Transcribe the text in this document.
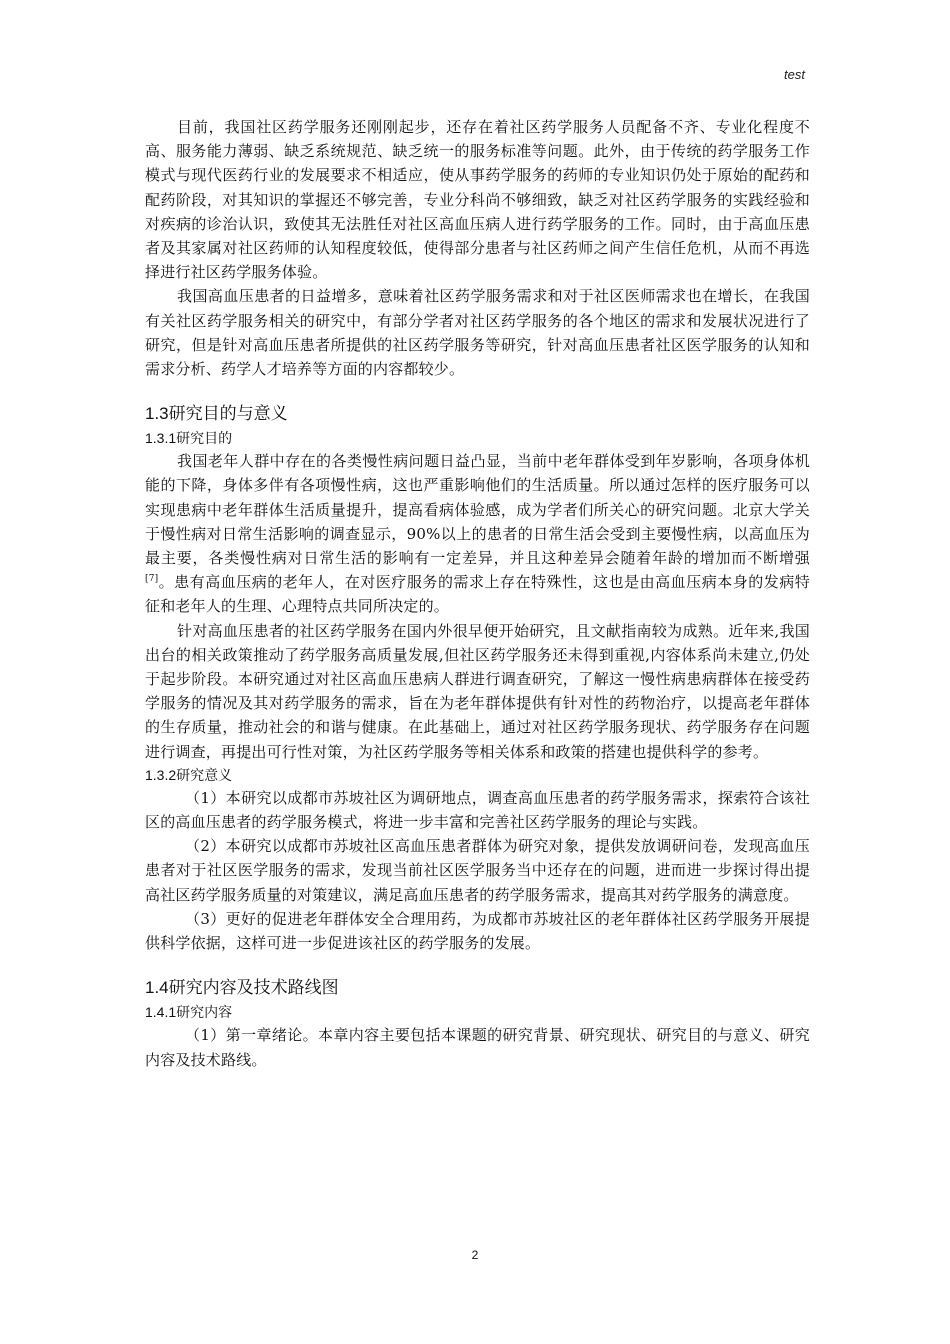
test

目前，我国社区药学服务还刚刚起步，还存在着社区药学服务人员配备不齐、专业化程度不高、服务能力薄弱、缺乏系统规范、缺乏统一的服务标准等问题。此外，由于传统的药学服务工作模式与现代医药行业的发展要求不相适应，使从事药学服务的药师的专业知识仍处于原始的配药和配药阶段，对其知识的掌握还不够完善，专业分科尚不够细致，缺乏对社区药学服务的实践经验和对疾病的诊治认识，致使其无法胜任对社区高血压病人进行药学服务的工作。同时，由于高血压患者及其家属对社区药师的认知程度较低，使得部分患者与社区药师之间产生信任危机，从而不再选择进行社区药学服务体验。

我国高血压患者的日益增多，意味着社区药学服务需求和对于社区医师需求也在增长，在我国有关社区药学服务相关的研究中，有部分学者对社区药学服务的各个地区的需求和发展状况进行了研究，但是针对高血压患者所提供的社区药学服务等研究，针对高血压患者社区医学服务的认知和需求分析、药学人才培养等方面的内容都较少。

1.3研究目的与意义
1.3.1研究目的

我国老年人群中存在的各类慢性病问题日益凸显，当前中老年群体受到年岁影响，各项身体机能的下降，身体多伴有各项慢性病，这也严重影响他们的生活质量。所以通过怎样的医疗服务可以实现患病中老年群体生活质量提升，提高看病体验感，成为学者们所关心的研究问题。北京大学关于慢性病对日常生活影响的调查显示，90%以上的患者的日常生活会受到主要慢性病，以高血压为最主要，各类慢性病对日常生活的影响有一定差异，并且这种差异会随着年龄的增加而不断增强[7]。患有高血压病的老年人，在对医疗服务的需求上存在特殊性，这也是由高血压病本身的发病特征和老年人的生理、心理特点共同所决定的。

针对高血压患者的社区药学服务在国内外很早便开始研究，且文献指南较为成熟。近年来,我国出台的相关政策推动了药学服务高质量发展,但社区药学服务还未得到重视,内容体系尚未建立,仍处于起步阶段。本研究通过对社区高血压患病人群进行调查研究，了解这一慢性病患病群体在接受药学服务的情况及其对药学服务的需求，旨在为老年群体提供有针对性的药物治疗，以提高老年群体的生存质量，推动社会的和谐与健康。在此基础上，通过对社区药学服务现状、药学服务存在问题进行调查，再提出可行性对策，为社区药学服务等相关体系和政策的搭建也提供科学的参考。

1.3.2研究意义

（1）本研究以成都市苏坡社区为调研地点，调查高血压患者的药学服务需求，探索符合该社区的高血压患者的药学服务模式，将进一步丰富和完善社区药学服务的理论与实践。

（2）本研究以成都市苏坡社区高血压患者群体为研究对象，提供发放调研问卷，发现高血压患者对于社区医学服务的需求，发现当前社区医学服务当中还存在的问题，进而进一步探讨得出提高社区药学服务质量的对策建议，满足高血压患者的药学服务需求，提高其对药学服务的满意度。

（3）更好的促进老年群体安全合理用药，为成都市苏坡社区的老年群体社区药学服务开展提供科学依据，这样可进一步促进该社区的药学服务的发展。

1.4研究内容及技术路线图
1.4.1研究内容

（1）第一章绪论。本章内容主要包括本课题的研究背景、研究现状、研究目的与意义、研究内容及技术路线。

2
